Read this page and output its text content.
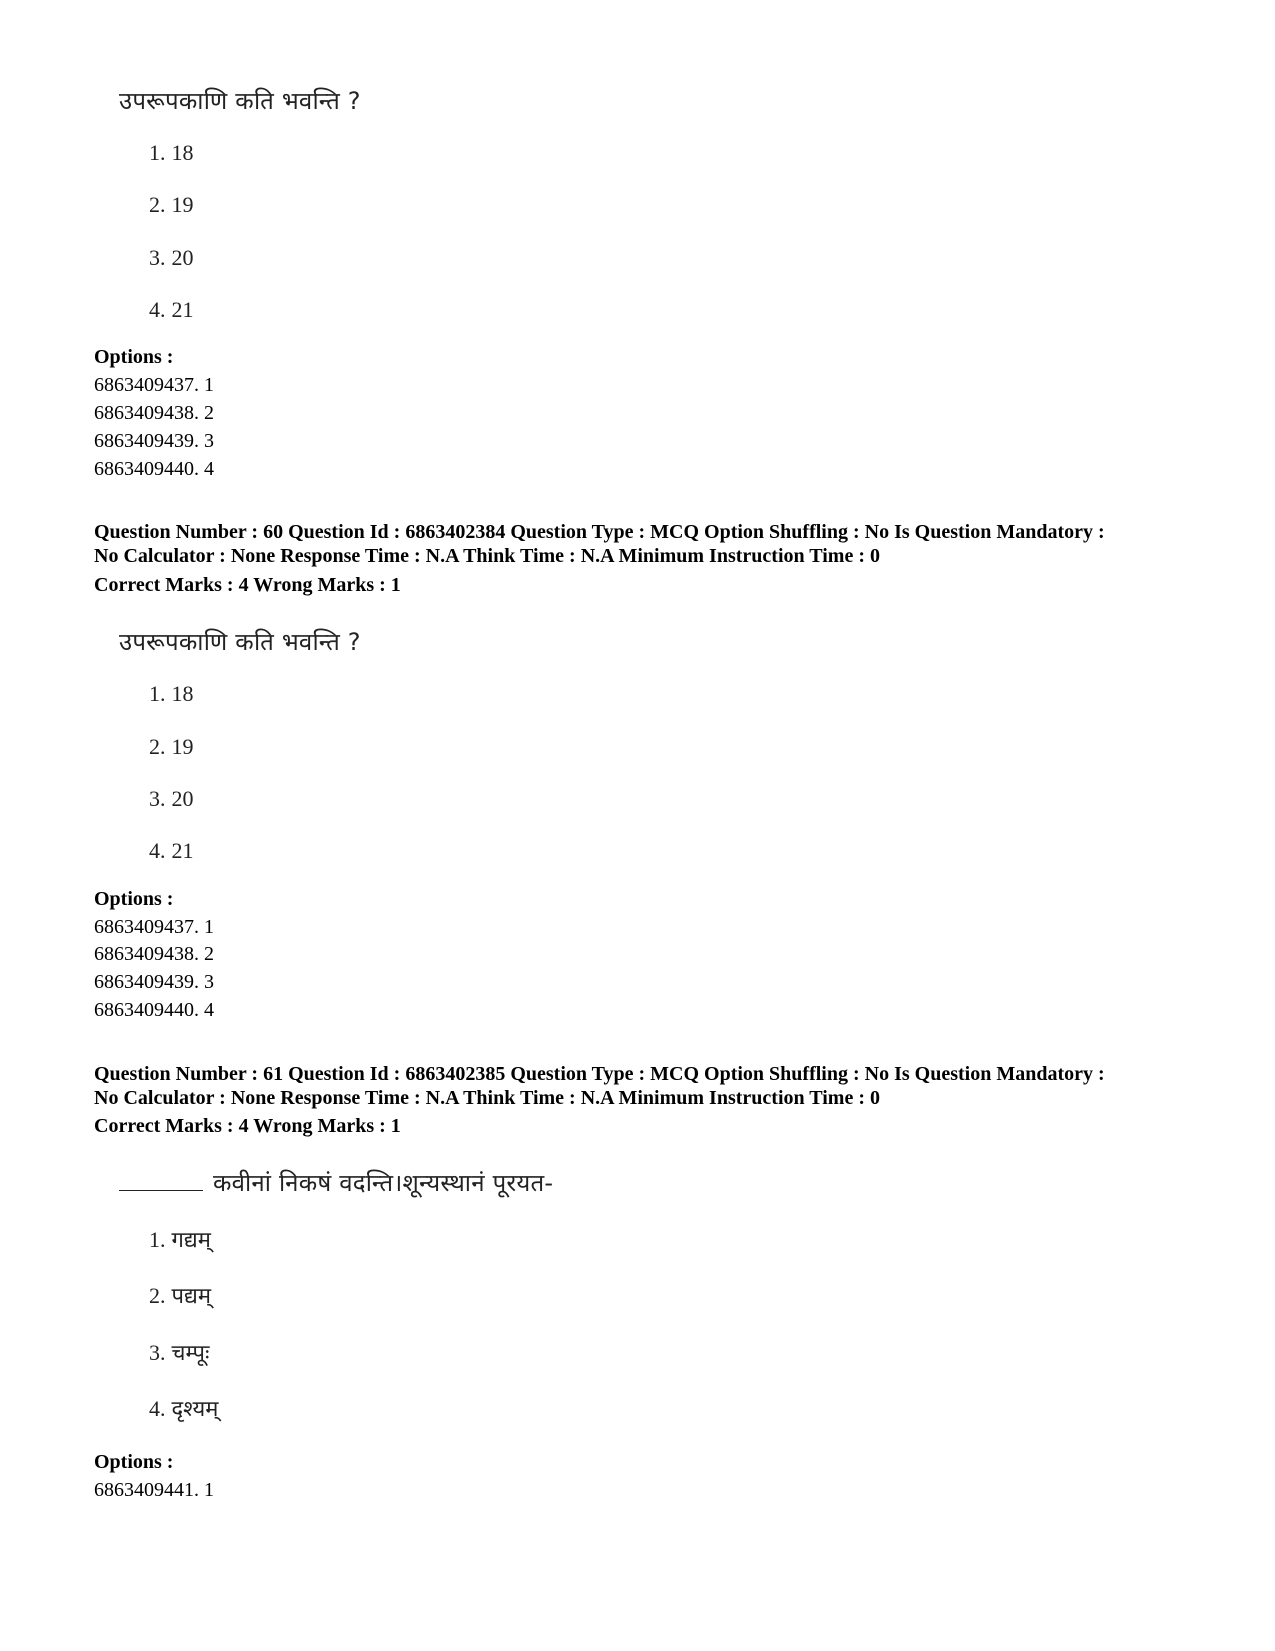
उपरूपकाणि कति भवन्ति ?
1. 18
2. 19
3. 20
4. 21
Options :
6863409437. 1
6863409438. 2
6863409439. 3
6863409440. 4
Question Number : 60 Question Id : 6863402384 Question Type : MCQ Option Shuffling : No Is Question Mandatory :
No Calculator : None Response Time : N.A Think Time : N.A Minimum Instruction Time : 0
Correct Marks : 4 Wrong Marks : 1
उपरूपकाणि कति भवन्ति ?
1. 18
2. 19
3. 20
4. 21
Options :
6863409437. 1
6863409438. 2
6863409439. 3
6863409440. 4
Question Number : 61 Question Id : 6863402385 Question Type : MCQ Option Shuffling : No Is Question Mandatory :
No Calculator : None Response Time : N.A Think Time : N.A Minimum Instruction Time : 0
Correct Marks : 4 Wrong Marks : 1
कवीनां निकषं वदन्ति।शून्यस्थानं पूरयत-
1. गद्यम्
2. पद्यम्
3. चम्पूः
4. दृश्यम्
Options :
6863409441. 1
